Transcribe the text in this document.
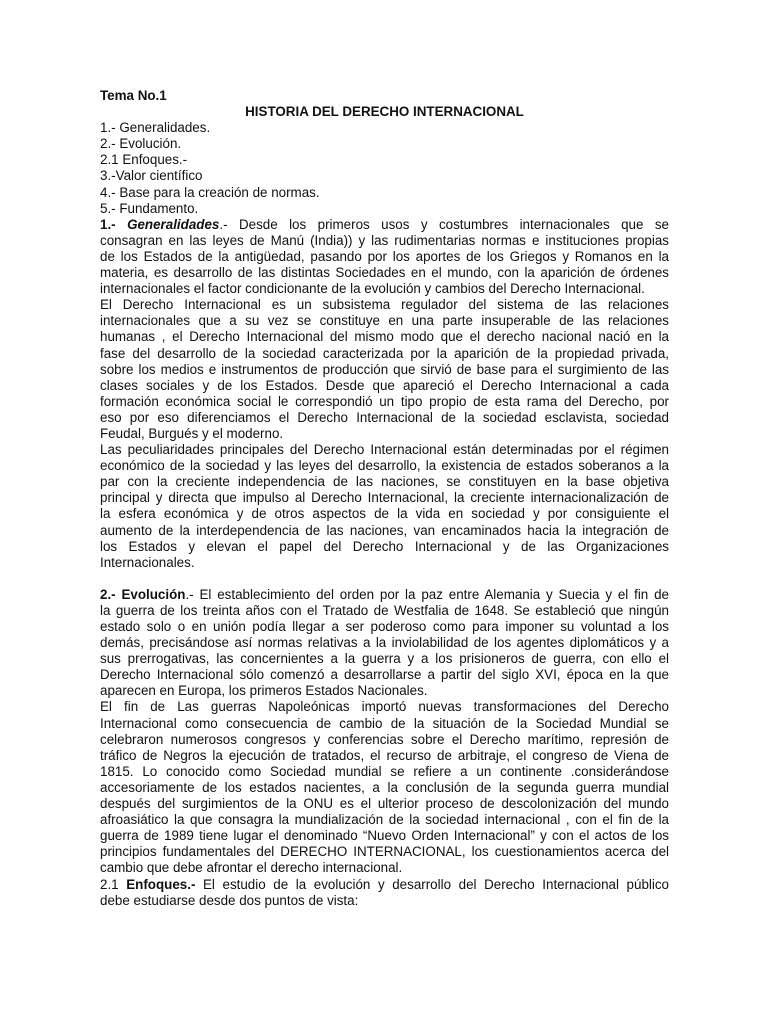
Tema No.1
HISTORIA DEL DERECHO INTERNACIONAL
1.- Generalidades.
2.- Evolución.
2.1 Enfoques.-
3.-Valor científico
4.- Base para la creación de normas.
5.- Fundamento.
1.- Generalidades.- Desde los primeros usos y costumbres internacionales que se
consagran en las leyes de Manú (India)) y las rudimentarias normas e instituciones propias
de los Estados de la antigüedad, pasando por los aportes de los Griegos y Romanos en la
materia, es desarrollo de las distintas Sociedades en el mundo, con la aparición de órdenes
internacionales el factor condicionante de la evolución y cambios del Derecho Internacional.
El Derecho Internacional es un subsistema regulador del sistema de las relaciones
internacionales que a su vez se constituye en una parte insuperable de las relaciones
humanas , el Derecho Internacional del mismo modo que el derecho nacional nació en la
fase del desarrollo de la sociedad caracterizada por la aparición de la propiedad privada,
sobre los medios e instrumentos de producción que sirvió de base para el surgimiento de las
clases sociales y de los Estados. Desde que apareció el Derecho Internacional a cada
formación económica social le correspondió un tipo propio de esta rama del Derecho, por
eso por eso diferenciamos el Derecho Internacional de la sociedad esclavista, sociedad
Feudal, Burgués y el moderno.
Las peculiaridades principales del Derecho Internacional están determinadas por el régimen
económico de la sociedad y las leyes del desarrollo, la existencia de estados soberanos a la
par con la creciente independencia de las naciones, se constituyen en la base objetiva
principal y directa que impulso al Derecho Internacional, la creciente internacionalización de
la esfera económica y de otros aspectos de la vida en sociedad y por consiguiente el
aumento de la interdependencia de las naciones, van encaminados hacia la integración de
los Estados y elevan el papel del Derecho Internacional y de las Organizaciones
Internacionales.
2.- Evolución.- El establecimiento del orden por la paz entre Alemania y Suecia y el fin de
la guerra de los treinta años con el Tratado de Westfalia de 1648. Se estableció que ningún
estado solo o en unión podía llegar a ser poderoso como para imponer su voluntad a los
demás, precisándose así normas relativas a la inviolabilidad de los agentes diplomáticos y a
sus prerrogativas, las concernientes a la guerra y a los prisioneros de guerra, con ello el
Derecho Internacional sólo comenzó a desarrollarse a partir del siglo XVI, época en la que
aparecen en Europa, los primeros Estados Nacionales.
El fin de Las guerras Napoleónicas importó nuevas transformaciones del Derecho
Internacional como consecuencia de cambio de la situación de la Sociedad Mundial se
celebraron numerosos congresos y conferencias sobre el Derecho marítimo, represión de
tráfico de Negros la ejecución de tratados, el recurso de arbitraje, el congreso de Viena de
1815. Lo conocido como Sociedad mundial se refiere a un continente .considerándose
accesoriamente de los estados nacientes, a la conclusión de la segunda guerra mundial
después del surgimientos de la ONU es el ulterior proceso de descolonización del mundo
afroasiático la que consagra la mundialización de la sociedad internacional , con el fin de la
guerra de 1989 tiene lugar el denominado “Nuevo Orden Internacional” y con el actos de los
principios fundamentales del DERECHO INTERNACIONAL, los cuestionamientos acerca del
cambio que debe afrontar el derecho internacional.
2.1 Enfoques.- El estudio de la evolución y desarrollo del Derecho Internacional público
debe estudiarse desde dos puntos de vista:
